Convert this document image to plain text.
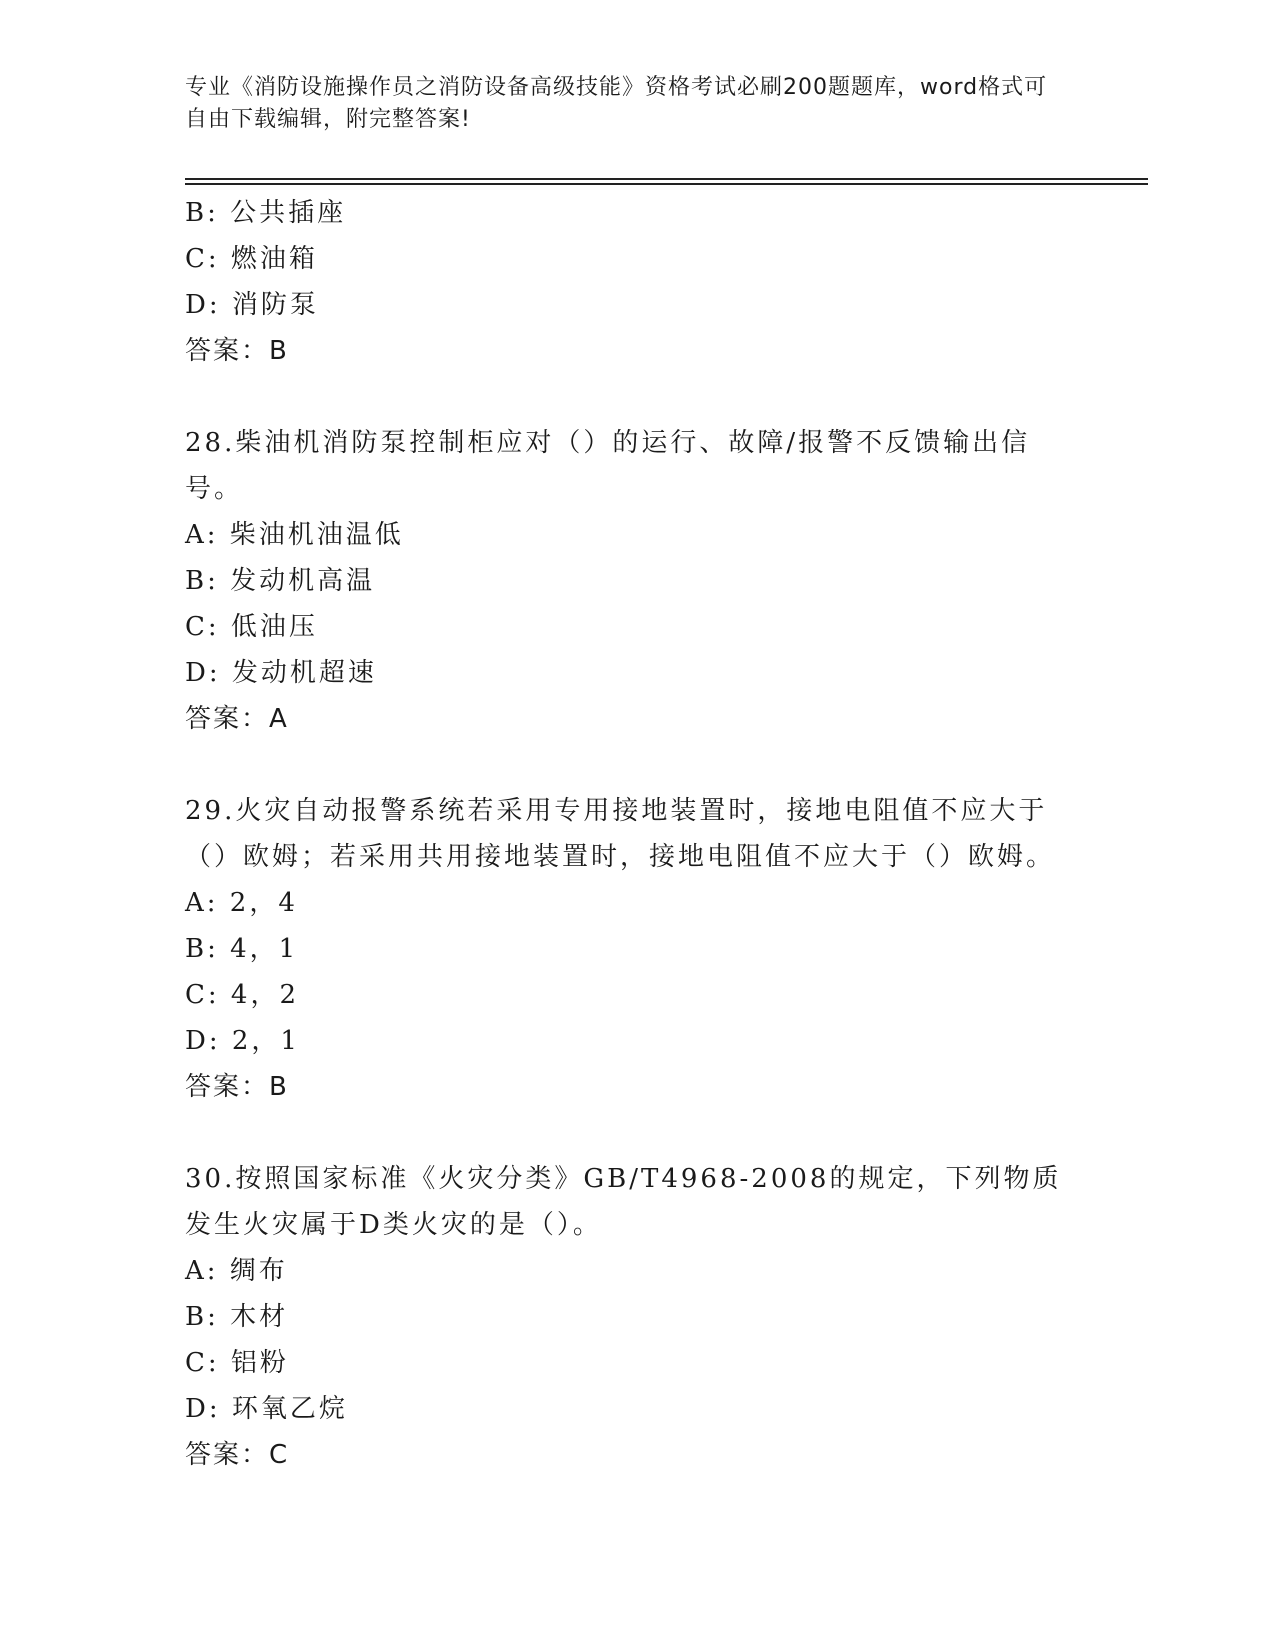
专业《消防设施操作员之消防设备高级技能》资格考试必刷200题题库，word格式可自由下载编辑，附完整答案!
B: 公共插座
C: 燃油箱
D: 消防泵
答案：B
28.柴油机消防泵控制柜应对（）的运行、故障/报警不反馈输出信号。
A: 柴油机油温低
B: 发动机高温
C: 低油压
D: 发动机超速
答案：A
29.火灾自动报警系统若采用专用接地装置时，接地电阻值不应大于（）欧姆；若采用共用接地装置时，接地电阻值不应大于（）欧姆。
A: 2，4
B: 4，1
C: 4，2
D: 2，1
答案：B
30.按照国家标准《火灾分类》GB/T4968-2008的规定，下列物质发生火灾属于D类火灾的是（）。
A: 绸布
B: 木材
C: 铝粉
D: 环氧乙烷
答案：C
